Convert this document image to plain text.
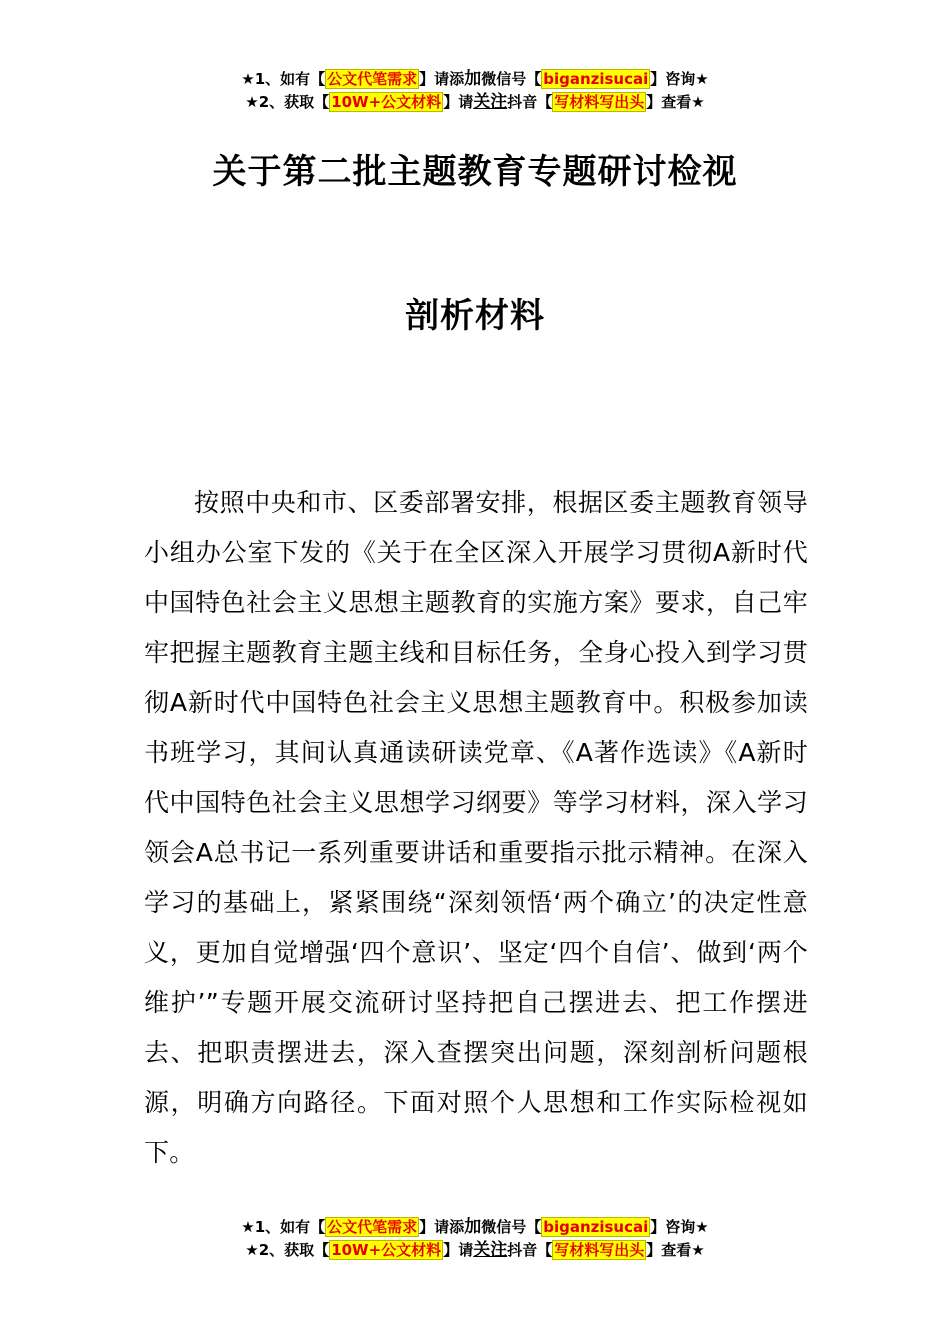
★1、如有【 公文代笔需求 】请添加微信号【 biganzisucai 】咨询★
★2、获取【 10W+公文材料 】请关注抖音【 写材料写出头 】查看★
关于第二批主题教育专题研讨检视
剖析材料

按照中央和市、区委部署安排，根据区委主题教育领导小组办公室下发的《关于在全区深入开展学习贯彻A新时代中国特色社会主义思想主题教育的实施方案》要求，自己牢牢把握主题教育主题主线和目标任务，全身心投入到学习贯彻A新时代中国特色社会主义思想主题教育中。积极参加读书班学习，其间认真通读研读党章、《A著作选读》《A新时代中国特色社会主义思想学习纲要》等学习材料，深入学习领会A总书记一系列重要讲话和重要指示批示精神。在深入学习的基础上，紧紧围绕“深刻领悟‘两个确立’的决定性意义，更加自觉增强‘四个意识’、坚定‘四个自信’、做到‘两个维护’”专题开展交流研讨坚持把自己摆进去、把工作摆进去、把职责摆进去，深入查摆突出问题，深刻剖析问题根源，明确方向路径。下面对照个人思想和工作实际检视如下。

★1、如有【 公文代笔需求 】请添加微信号【 biganzisucai 】咨询★
★2、获取【 10W+公文材料 】请关注抖音【 写材料写出头 】查看★
